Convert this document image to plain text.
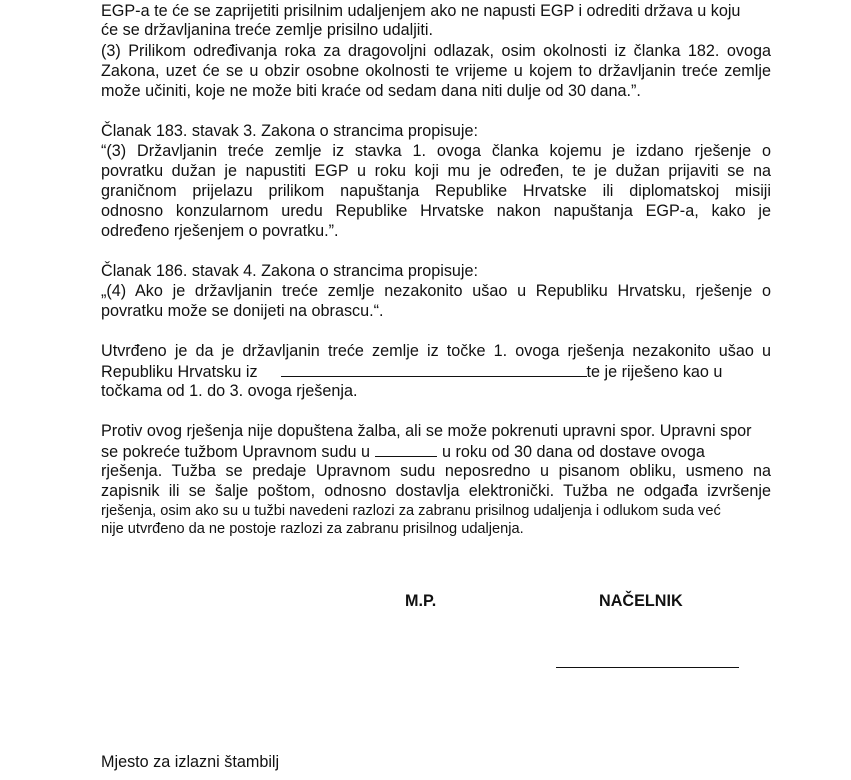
EGP-a te će se zaprijetiti prisilnim udaljenjem ako ne napusti EGP i odrediti država u koju
će se državljanina treće zemlje prisilno udaljiti.
(3) Prilikom određivanja roka za dragovoljni odlazak, osim okolnosti iz članka 182. ovoga
Zakona, uzet će se u obzir osobne okolnosti te vrijeme u kojem to državljanin treće zemlje
može učiniti, koje ne može biti kraće od sedam dana niti dulje od 30 dana.”.
Članak 183. stavak 3. Zakona o strancima propisuje:
“(3) Državljanin treće zemlje iz stavka 1. ovoga članka kojemu je izdano rješenje o
povratku dužan je napustiti EGP u roku koji mu je određen, te je dužan prijaviti se na
graničnom prijelazu prilikom napuštanja Republike Hrvatske ili diplomatskoj misiji
odnosno konzularnom uredu Republike Hrvatske nakon napuštanja EGP-a, kako je
određeno rješenjem o povratku.”.
Članak 186. stavak 4. Zakona o strancima propisuje:
„(4) Ako je državljanin treće zemlje nezakonito ušao u Republiku Hrvatsku, rješenje o
povratku može se donijeti na obrascu.“.
Utvrđeno je da je državljanin treće zemlje iz točke 1. ovoga rješenja nezakonito ušao u
Republiku Hrvatsku iz	te je riješeno kao u
točkama od 1. do 3. ovoga rješenja.
Protiv ovog rješenja nije dopuštena žalba, ali se može pokrenuti upravni spor. Upravni spor
se pokreće tužbom Upravnom sudu u	u roku od 30 dana od dostave ovoga
rješenja. Tužba se predaje Upravnom sudu neposredno u pisanom obliku, usmeno na
zapisnik ili se šalje poštom, odnosno dostavlja elektronički. Tužba ne odgađa izvršenje
rješenja, osim ako su u tužbi navedeni razlozi za zabranu prisilnog udaljenja i odlukom suda već
nije utvrđeno da ne postoje razlozi za zabranu prisilnog udaljenja.
M.P.	NAČELNIK
Mjesto za izlazni štambilj
